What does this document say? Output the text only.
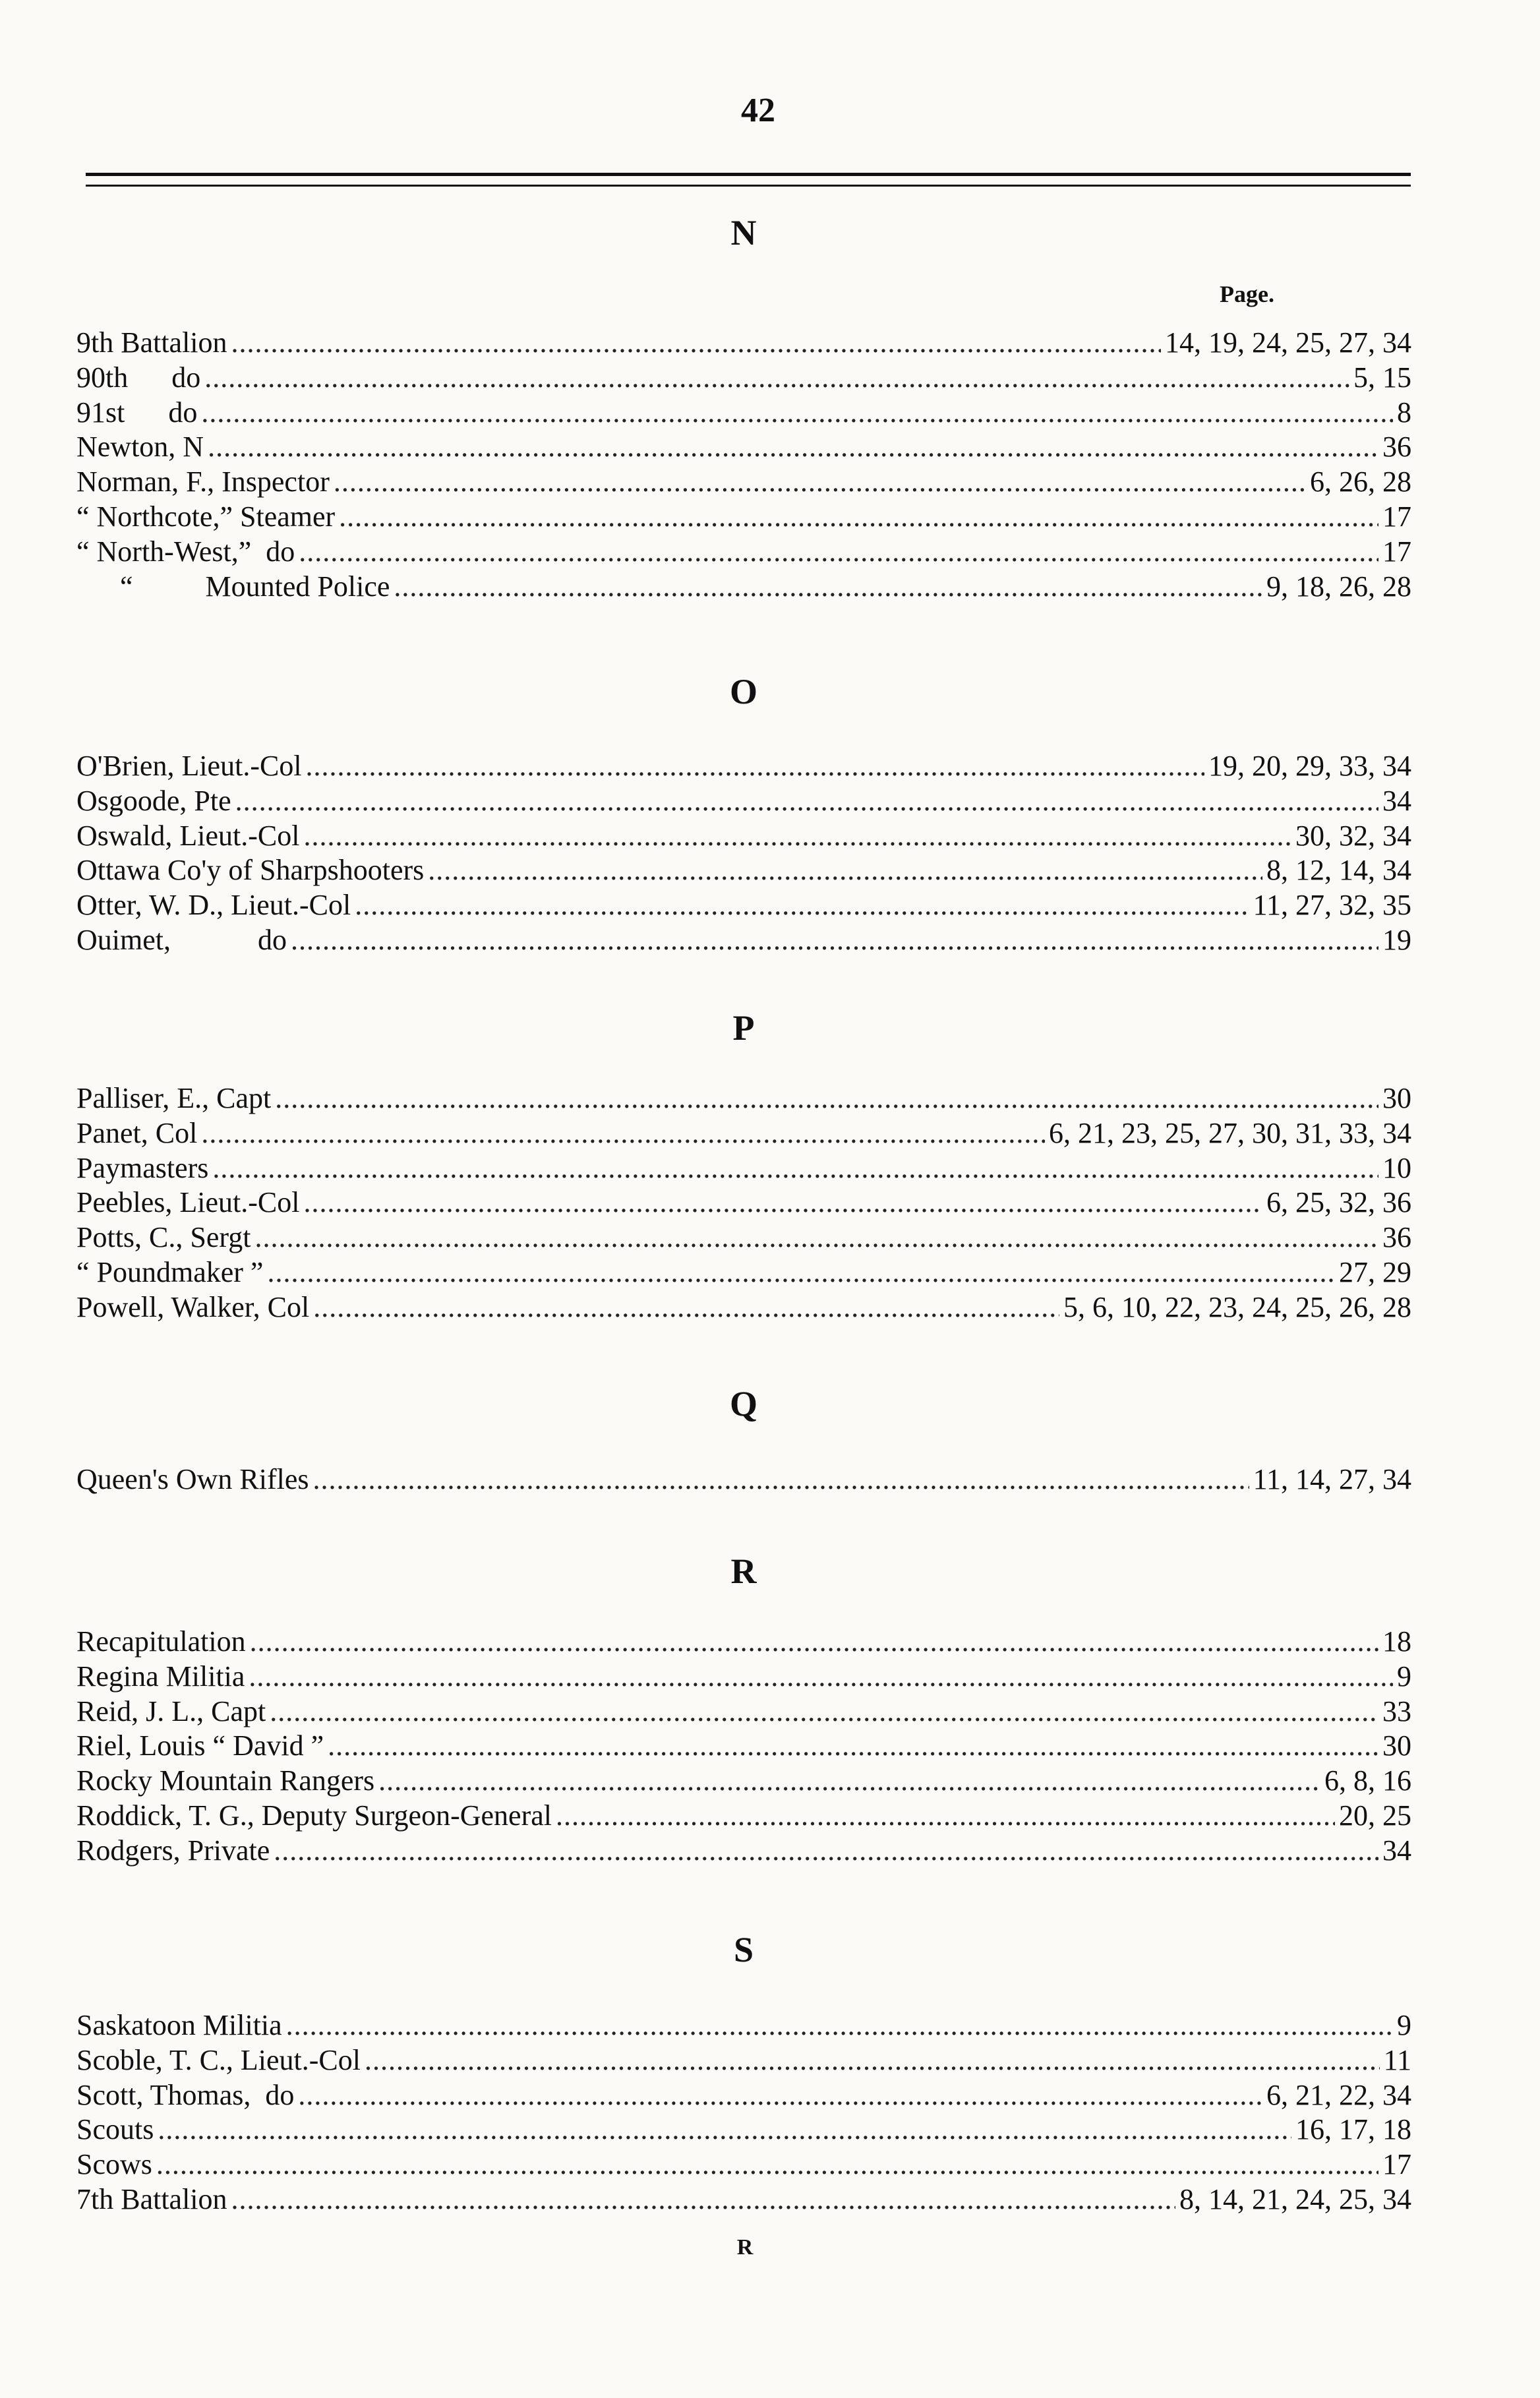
42
Page.
N
9th Battalion .....	14, 19, 24, 25, 27, 34
90th      do .....	5, 15
91st      do .....	8
Newton, N .....	36
Norman, F., Inspector .....	6, 26, 28
“ Northcote,” Steamer .....	17
“ North-West,”  do .....	17
“          Mounted Police .....	9, 18, 26, 28
O
O'Brien, Lieut.-Col .....	19, 20, 29, 33, 34
Osgoode, Pte .....	34
Oswald, Lieut.-Col .....	30, 32, 34
Ottawa Co'y of Sharpshooters .....	8, 12, 14, 34
Otter, W. D., Lieut.-Col .....	11, 27, 32, 35
Ouimet,            do .....	19
P
Palliser, E., Capt .....	30
Panet, Col .....	6, 21, 23, 25, 27, 30, 31, 33, 34
Paymasters .....	10
Peebles, Lieut.-Col .....	6, 25, 32, 36
Potts, C., Sergt .....	36
“ Poundmaker ” .....	27, 29
Powell, Walker, Col .....	5, 6, 10, 22, 23, 24, 25, 26, 28
Q
Queen's Own Rifles .....	11, 14, 27, 34
R
Recapitulation .....	18
Regina Militia .....	9
Reid, J. L., Capt .....	33
Riel, Louis “ David ” .....	30
Rocky Mountain Rangers .....	6, 8, 16
Roddick, T. G., Deputy Surgeon-General .....	20, 25
Rodgers, Private .....	34
S
Saskatoon Militia .....	9
Scoble, T. C., Lieut.-Col .....	11
Scott, Thomas,  do .....	6, 21, 22, 34
Scouts .....	16, 17, 18
Scows .....	17
7th Battalion .....	8, 14, 21, 24, 25, 34
R
